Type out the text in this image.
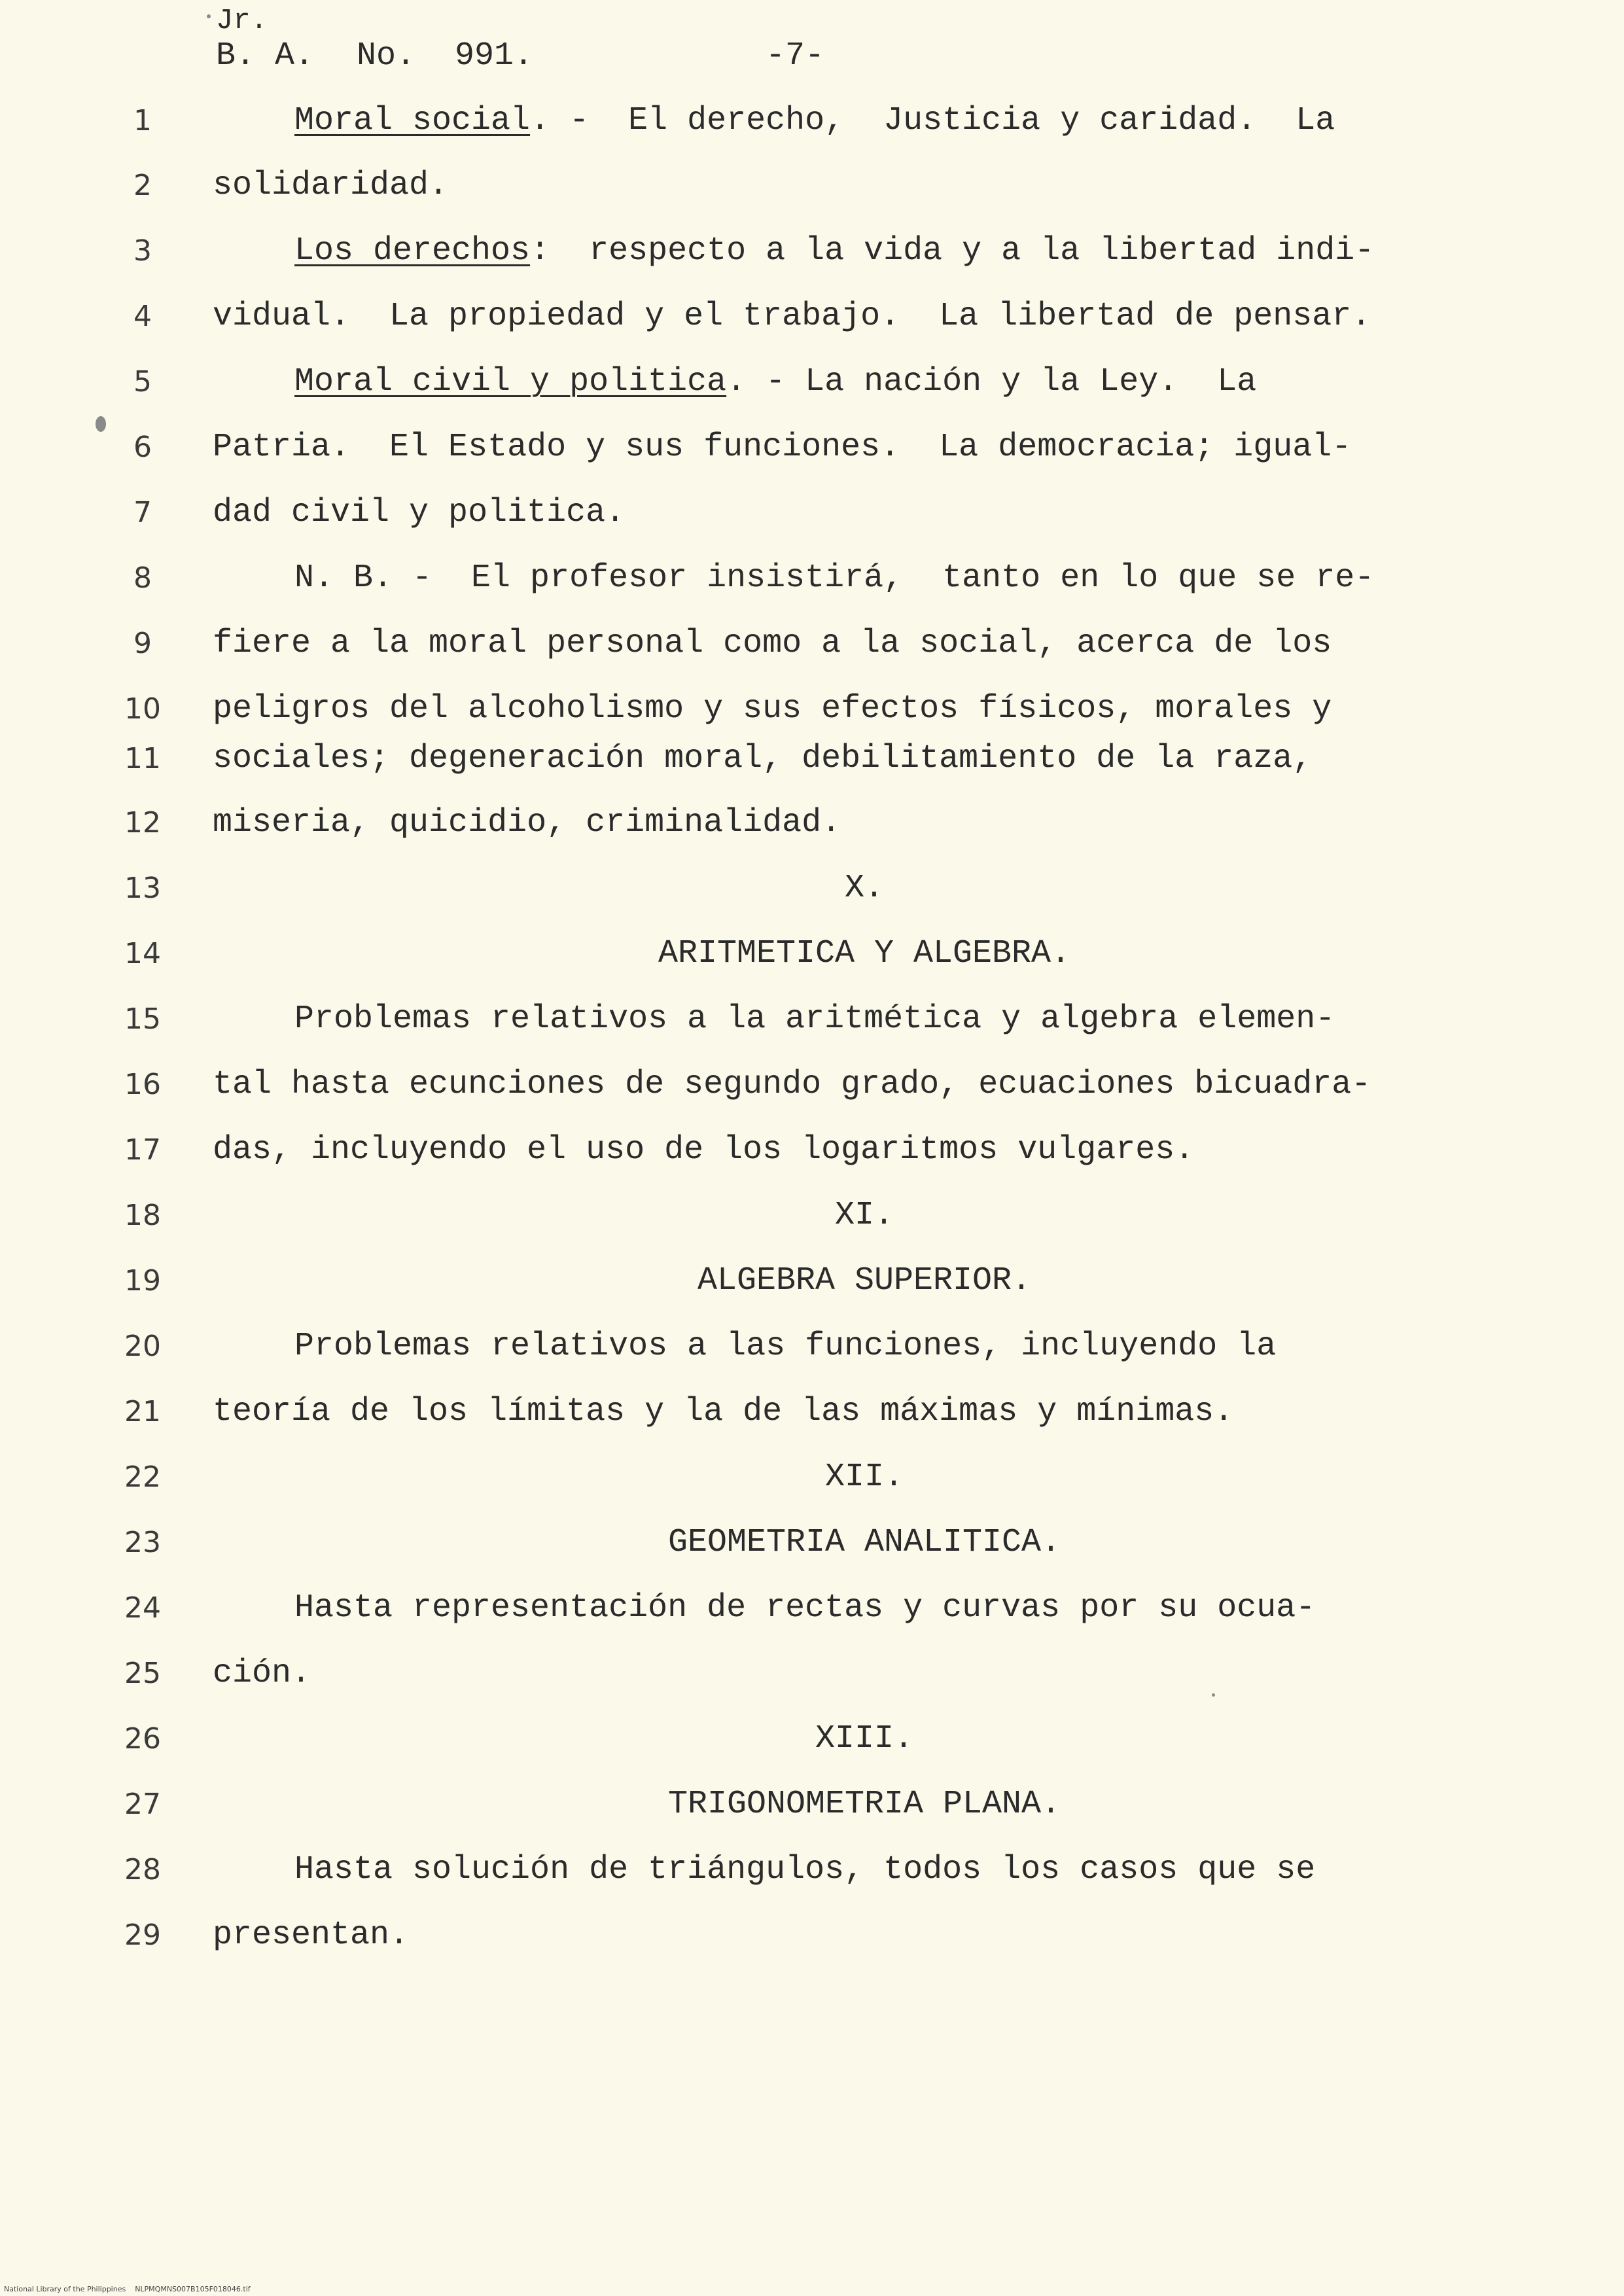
Jr.
B. A. No.  991.	-7-
1
2
3
4
5
6
7
8
9
10
11
12
13
14
15
16
17
18
19
20
21
22
23
24
25
26
27
28
29
Moral social. -  El derecho,  Justicia y caridad.  La
solidaridad.
Los derechos:  respecto a la vida y a la libertad indi-
vidual.  La propiedad y el trabajo.  La libertad de pensar.
Moral civil y politica. - La nación y la Ley.  La
Patria.  El Estado y sus funciones.  La democracia; igual-
dad civil y politica.
N. B. -  El profesor insistirá,  tanto en lo que se re-
fiere a la moral personal como a la social, acerca de los
peligros del alcoholismo y sus efectos físicos, morales y
sociales; degeneración moral, debilitamiento de la raza,
miseria, quicidio, criminalidad.
X.
ARITMETICA Y ALGEBRA.
Problemas relativos a la aritmética y algebra elemen-
tal hasta ecunciones de segundo grado, ecuaciones bicuadra-
das, incluyendo el uso de los logaritmos vulgares.
XI.
ALGEBRA SUPERIOR.
Problemas relativos a las funciones, incluyendo la
teoría de los límitas y la de las máximas y mínimas.
XII.
GEOMETRIA ANALITICA.
Hasta representación de rectas y curvas por su ocua-
ción.
XIII.
TRIGONOMETRIA PLANA.
Hasta solución de triángulos, todos los casos que se
presentan.
National Library of the Philippines    NLPMQMNS007B105F018046.tif
